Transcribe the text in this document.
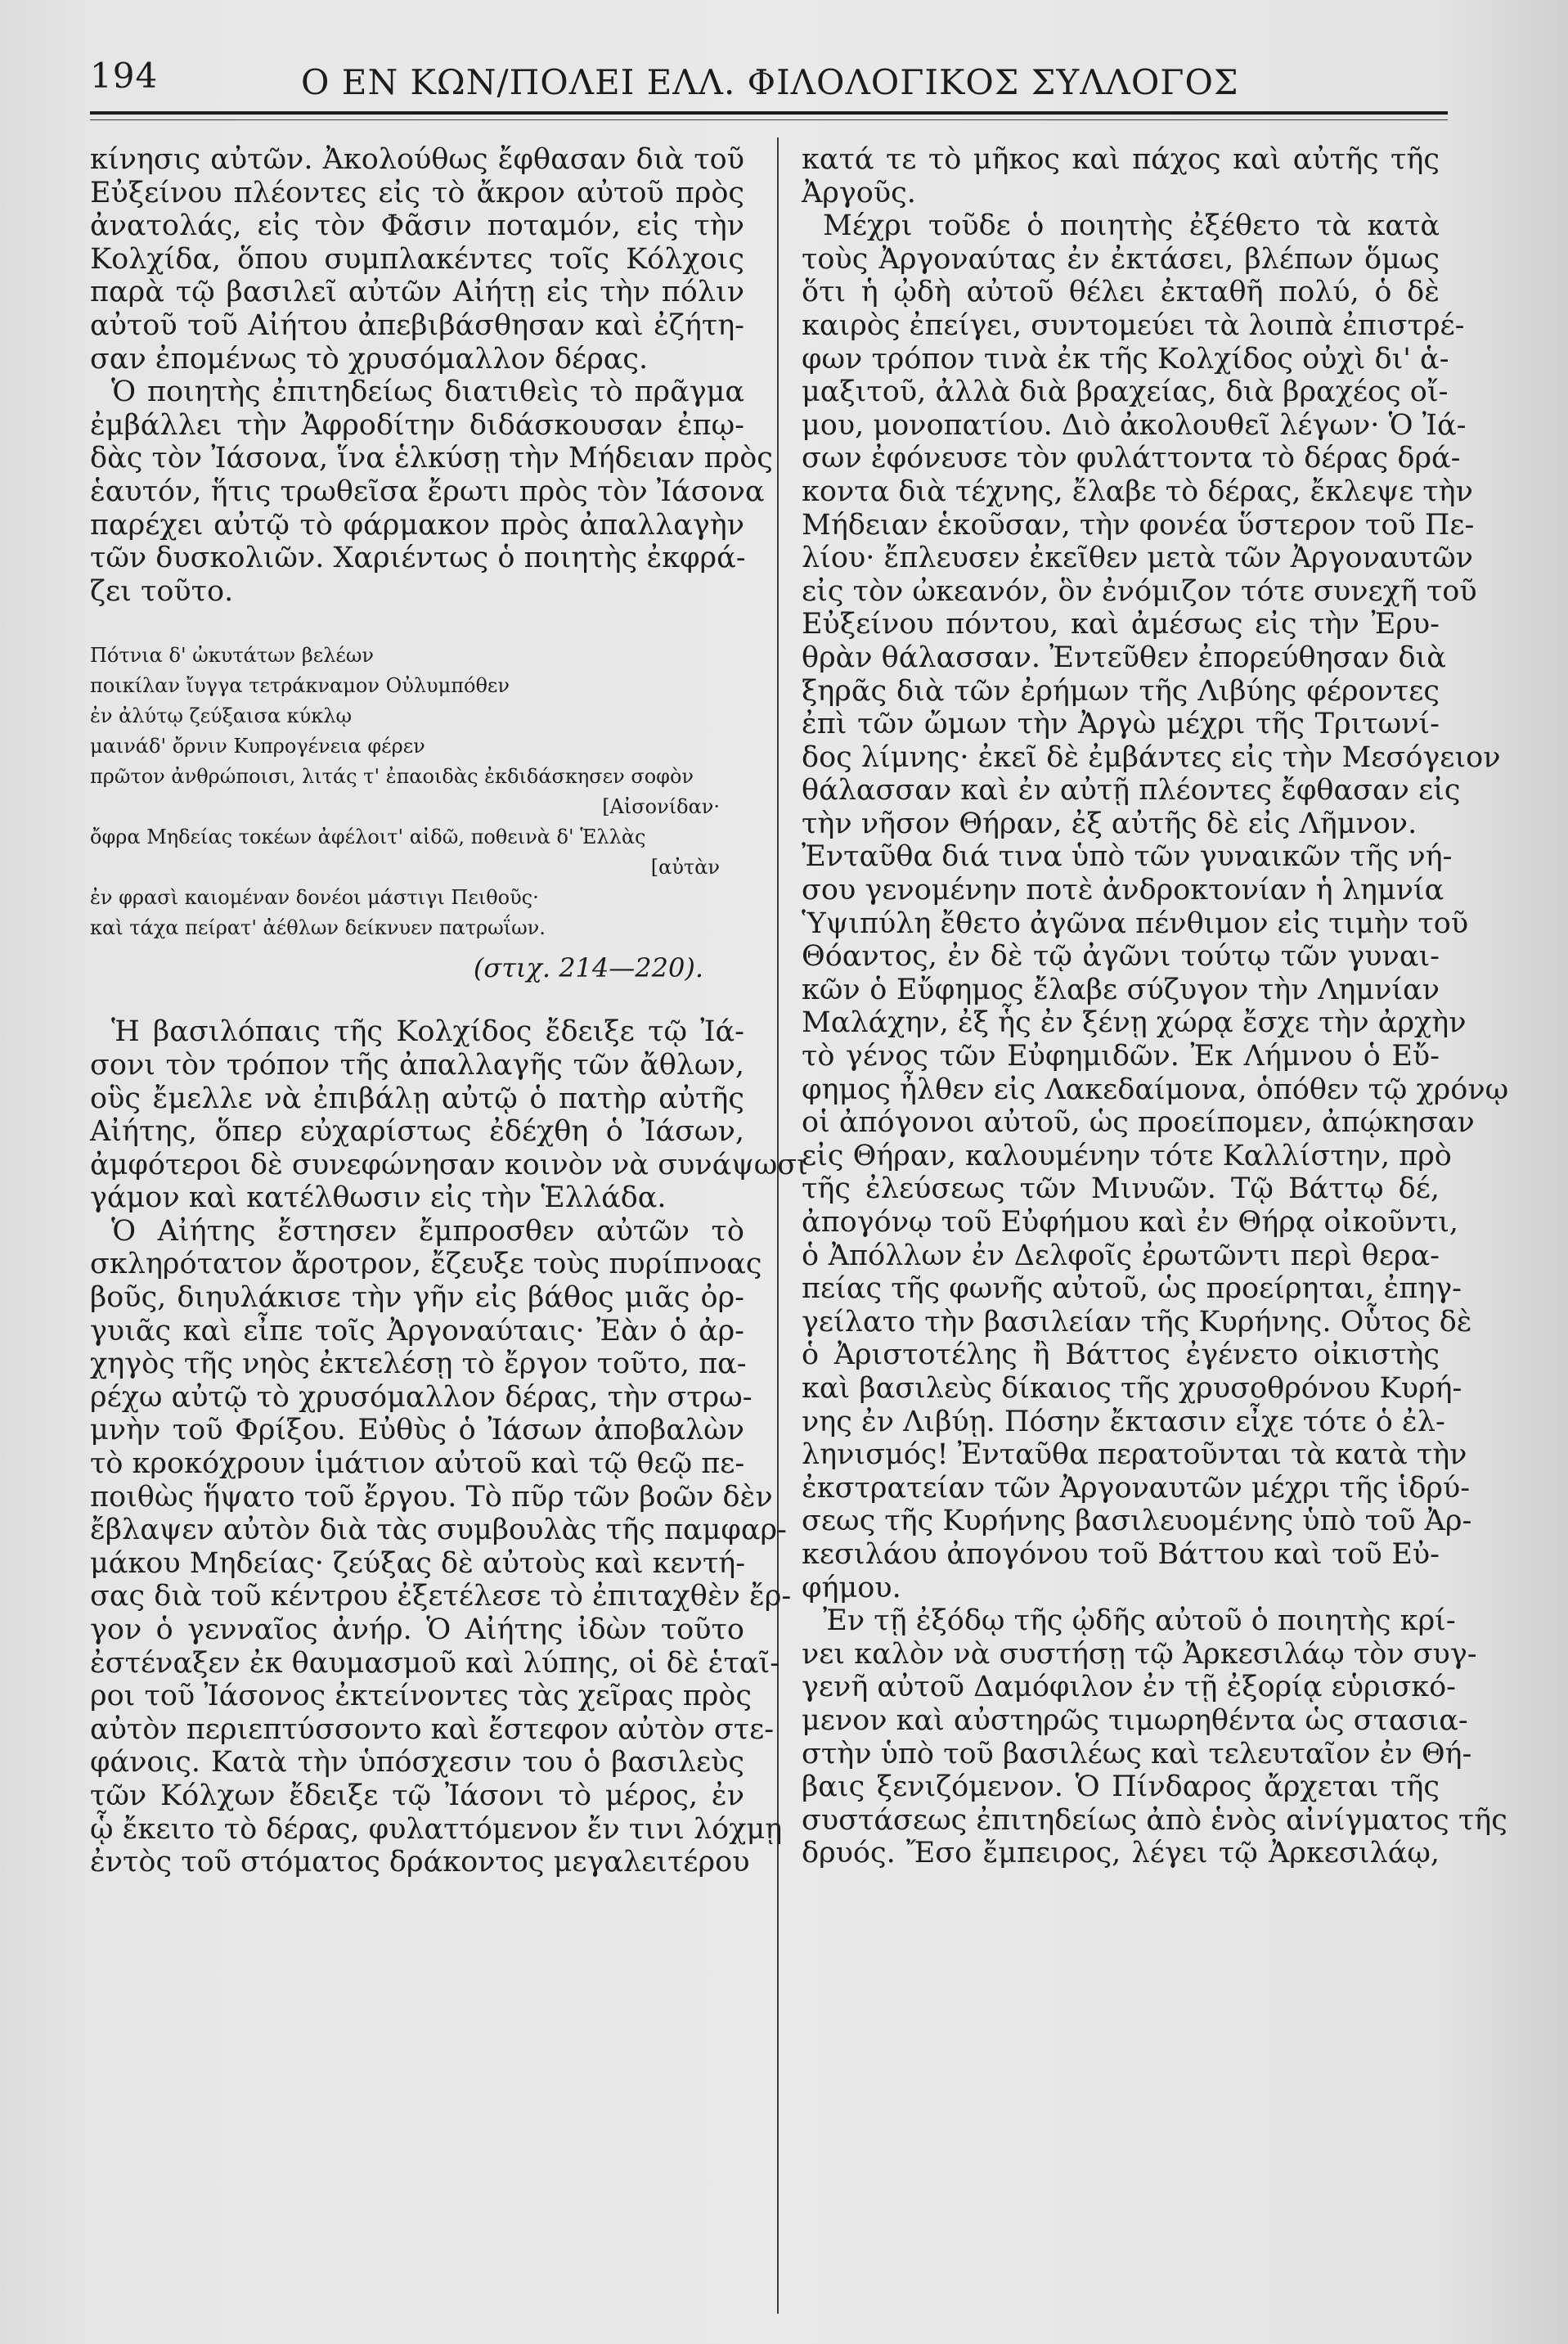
194	Ο ΕΝ ΚΩΝ/ΠΟΛΕΙ ΕΛΛ. ΦΙΛΟΛΟΓΙΚΟΣ ΣΥΛΛΟΓΟΣ
κίνησις αὐτῶν. Ἀκολούθως ἔφθασαν διὰ τοῦ
Εὐξείνου πλέοντες εἰς τὸ ἄκρον αὐτοῦ πρὸς
ἀνατολάς, εἰς τὸν Φᾶσιν ποταμόν, εἰς τὴν
Κολχίδα, ὅπου συμπλακέντες τοῖς Κόλχοις
παρὰ τῷ βασιλεῖ αὐτῶν Αἰήτῃ εἰς τὴν πόλιν
αὐτοῦ τοῦ Αἰήτου ἀπεβιβάσθησαν καὶ ἐζήτη-
σαν ἐπομένως τὸ χρυσόμαλλον δέρας.
Ὁ ποιητὴς ἐπιτηδείως διατιθεὶς τὸ πρᾶγμα
ἐμβάλλει τὴν Ἀφροδίτην διδάσκουσαν ἐπῳ-
δὰς τὸν Ἰάσονα, ἵνα ἑλκύσῃ τὴν Μήδειαν πρὸς
ἑαυτόν, ἥτις τρωθεῖσα ἔρωτι πρὸς τὸν Ἰάσονα
παρέχει αὐτῷ τὸ φάρμακον πρὸς ἀπαλλαγὴν
τῶν δυσκολιῶν. Χαριέντως ὁ ποιητὴς ἐκφρά-
ζει τοῦτο.
Πότνια δ' ὠκυτάτων βελέων
ποικίλαν ἴυγγα τετράκναμον Οὐλυμπόθεν
ἐν ἀλύτῳ ζεύξαισα κύκλῳ
μαινάδ' ὄρνιν Κυπρογένεια φέρεν
πρῶτον ἀνθρώποισι, λιτάς τ' ἐπαοιδὰς ἐκδιδάσκησεν σοφὸν
[Αἰσονίδαν·
ὄφρα Μηδείας τοκέων ἀφέλοιτ' αἰδῶ, ποθεινὰ δ' Ἑλλὰς
[αὐτὰν
ἐν φρασὶ καιομέναν δονέοι μάστιγι Πειθοῦς·
καὶ τάχα πείρατ' ἀέθλων δείκνυεν πατρωΐων.
(στιχ. 214—220).
Ἡ βασιλόπαις τῆς Κολχίδος ἔδειξε τῷ Ἰά-
σονι τὸν τρόπον τῆς ἀπαλλαγῆς τῶν ἄθλων,
οὓς ἔμελλε νὰ ἐπιβάλῃ αὐτῷ ὁ πατὴρ αὐτῆς
Αἰήτης, ὅπερ εὐχαρίστως ἐδέχθη ὁ Ἰάσων,
ἀμφότεροι δὲ συνεφώνησαν κοινὸν νὰ συνάψωσι
γάμον καὶ κατέλθωσιν εἰς τὴν Ἑλλάδα.
Ὁ Αἰήτης ἔστησεν ἔμπροσθεν αὐτῶν τὸ
σκληρότατον ἄροτρον, ἔζευξε τοὺς πυρίπνοας
βοῦς, διηυλάκισε τὴν γῆν εἰς βάθος μιᾶς ὀρ-
γυιᾶς καὶ εἶπε τοῖς Ἀργοναύταις· Ἐὰν ὁ ἀρ-
χηγὸς τῆς νηὸς ἐκτελέσῃ τὸ ἔργον τοῦτο, πα-
ρέχω αὐτῷ τὸ χρυσόμαλλον δέρας, τὴν στρω-
μνὴν τοῦ Φρίξου. Εὐθὺς ὁ Ἰάσων ἀποβαλὼν
τὸ κροκόχρουν ἱμάτιον αὐτοῦ καὶ τῷ θεῷ πε-
ποιθὼς ἥψατο τοῦ ἔργου. Τὸ πῦρ τῶν βοῶν δὲν
ἔβλαψεν αὐτὸν διὰ τὰς συμβουλὰς τῆς παμφαρ-
μάκου Μηδείας· ζεύξας δὲ αὐτοὺς καὶ κεντή-
σας διὰ τοῦ κέντρου ἐξετέλεσε τὸ ἐπιταχθὲν ἔρ-
γον ὁ γενναῖος ἀνήρ. Ὁ Αἰήτης ἰδὼν τοῦτο
ἐστέναξεν ἐκ θαυμασμοῦ καὶ λύπης, οἱ δὲ ἑταῖ-
ροι τοῦ Ἰάσονος ἐκτείνοντες τὰς χεῖρας πρὸς
αὐτὸν περιεπτύσσοντο καὶ ἔστεφον αὐτὸν στε-
φάνοις. Κατὰ τὴν ὑπόσχεσιν του ὁ βασιλεὺς
τῶν Κόλχων ἔδειξε τῷ Ἰάσονι τὸ μέρος, ἐν
ᾧ ἔκειτο τὸ δέρας, φυλαττόμενον ἔν τινι λόχμῃ
ἐντὸς τοῦ στόματος δράκοντος μεγαλειτέρου
κατά τε τὸ μῆκος καὶ πάχος καὶ αὐτῆς τῆς
Ἀργοῦς.
Μέχρι τοῦδε ὁ ποιητὴς ἐξέθετο τὰ κατὰ
τοὺς Ἀργοναύτας ἐν ἐκτάσει, βλέπων ὅμως
ὅτι ἡ ᾠδὴ αὐτοῦ θέλει ἐκταθῆ πολύ, ὁ δὲ
καιρὸς ἐπείγει, συντομεύει τὰ λοιπὰ ἐπιστρέ-
φων τρόπον τινὰ ἐκ τῆς Κολχίδος οὐχὶ δι' ἁ-
μαξιτοῦ, ἀλλὰ διὰ βραχείας, διὰ βραχέος οἴ-
μου, μονοπατίου. Διὸ ἀκολουθεῖ λέγων· Ὁ Ἰά-
σων ἐφόνευσε τὸν φυλάττοντα τὸ δέρας δρά-
κοντα διὰ τέχνης, ἔλαβε τὸ δέρας, ἔκλεψε τὴν
Μήδειαν ἑκοῦσαν, τὴν φονέα ὕστερον τοῦ Πε-
λίου· ἔπλευσεν ἐκεῖθεν μετὰ τῶν Ἀργοναυτῶν
εἰς τὸν ὠκεανόν, ὃν ἐνόμιζον τότε συνεχῆ τοῦ
Εὐξείνου πόντου, καὶ ἀμέσως εἰς τὴν Ἐρυ-
θρὰν θάλασσαν. Ἐντεῦθεν ἐπορεύθησαν διὰ
ξηρᾶς διὰ τῶν ἐρήμων τῆς Λιβύης φέροντες
ἐπὶ τῶν ὤμων τὴν Ἀργὼ μέχρι τῆς Τριτωνί-
δος λίμνης· ἐκεῖ δὲ ἐμβάντες εἰς τὴν Μεσόγειον
θάλασσαν καὶ ἐν αὐτῇ πλέοντες ἔφθασαν εἰς
τὴν νῆσον Θήραν, ἐξ αὐτῆς δὲ εἰς Λῆμνον.
Ἐνταῦθα διά τινα ὑπὸ τῶν γυναικῶν τῆς νή-
σου γενομένην ποτὲ ἀνδροκτονίαν ἡ λημνία
Ὑψιπύλη ἔθετο ἀγῶνα πένθιμον εἰς τιμὴν τοῦ
Θόαντος, ἐν δὲ τῷ ἀγῶνι τούτῳ τῶν γυναι-
κῶν ὁ Εὔφημος ἔλαβε σύζυγον τὴν Λημνίαν
Μαλάχην, ἐξ ἧς ἐν ξένῃ χώρᾳ ἔσχε τὴν ἀρχὴν
τὸ γένος τῶν Εὐφημιδῶν. Ἐκ Λήμνου ὁ Εὔ-
φημος ἦλθεν εἰς Λακεδαίμονα, ὁπόθεν τῷ χρόνῳ
οἱ ἀπόγονοι αὐτοῦ, ὡς προείπομεν, ἀπῴκησαν
εἰς Θήραν, καλουμένην τότε Καλλίστην, πρὸ
τῆς ἐλεύσεως τῶν Μινυῶν. Τῷ Βάττῳ δέ,
ἀπογόνῳ τοῦ Εὐφήμου καὶ ἐν Θήρᾳ οἰκοῦντι,
ὁ Ἀπόλλων ἐν Δελφοῖς ἐρωτῶντι περὶ θερα-
πείας τῆς φωνῆς αὐτοῦ, ὡς προείρηται, ἐπηγ-
γείλατο τὴν βασιλείαν τῆς Κυρήνης. Οὗτος δὲ
ὁ Ἀριστοτέλης ἢ Βάττος ἐγένετο οἰκιστὴς
καὶ βασιλεὺς δίκαιος τῆς χρυσοθρόνου Κυρή-
νης ἐν Λιβύῃ. Πόσην ἔκτασιν εἶχε τότε ὁ ἐλ-
ληνισμός! Ἐνταῦθα περατοῦνται τὰ κατὰ τὴν
ἐκστρατείαν τῶν Ἀργοναυτῶν μέχρι τῆς ἱδρύ-
σεως τῆς Κυρήνης βασιλευομένης ὑπὸ τοῦ Ἀρ-
κεσιλάου ἀπογόνου τοῦ Βάττου καὶ τοῦ Εὐ-
φήμου.
Ἐν τῇ ἐξόδῳ τῆς ᾠδῆς αὐτοῦ ὁ ποιητὴς κρί-
νει καλὸν νὰ συστήσῃ τῷ Ἀρκεσιλάῳ τὸν συγ-
γενῆ αὐτοῦ Δαμόφιλον ἐν τῇ ἐξορίᾳ εὑρισκό-
μενον καὶ αὐστηρῶς τιμωρηθέντα ὡς στασια-
στὴν ὑπὸ τοῦ βασιλέως καὶ τελευταῖον ἐν Θή-
βαις ξενιζόμενον. Ὁ Πίνδαρος ἄρχεται τῆς
συστάσεως ἐπιτηδείως ἀπὸ ἑνὸς αἰνίγματος τῆς
δρυός. Ἔσο ἔμπειρος, λέγει τῷ Ἀρκεσιλάῳ,
